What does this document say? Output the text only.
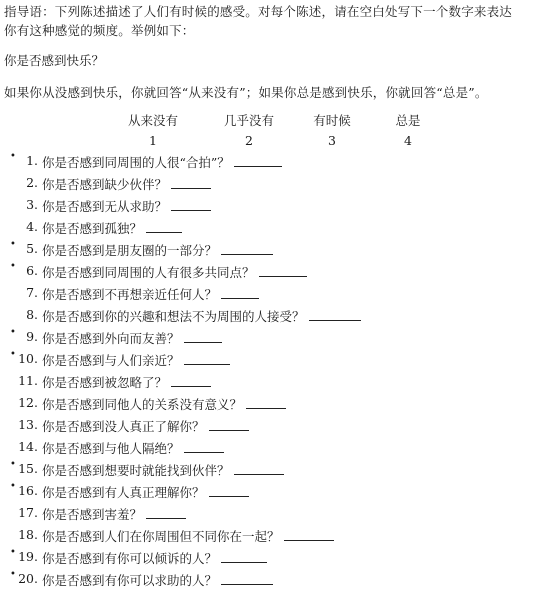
指导语：下列陈述描述了人们有时候的感受。对每个陈述，请在空白处写下一个数字来表达
你有这种感觉的频度。举例如下：
你是否感到快乐？
如果你从没感到快乐，你就回答“从来没有”；如果你总是感到快乐，你就回答“总是”。
从来没有	几乎没有	有时候	总是
1	2	3	4
• 1. 你是否感到同周围的人很“合拍”？
2. 你是否感到缺少伙伴？
3. 你是否感到无从求助？
4. 你是否感到孤独？
• 5. 你是否感到是朋友圈的一部分？
• 6. 你是否感到同周围的人有很多共同点？
7. 你是否感到不再想亲近任何人？
8. 你是否感到你的兴趣和想法不为周围的人接受？
• 9. 你是否感到外向而友善？
• 10. 你是否感到与人们亲近？
11. 你是否感到被忽略了？
12. 你是否感到同他人的关系没有意义？
13. 你是否感到没人真正了解你？
14. 你是否感到与他人隔绝？
• 15. 你是否感到想要时就能找到伙伴？
• 16. 你是否感到有人真正理解你？
17. 你是否感到害羞？
18. 你是否感到人们在你周围但不同你在一起？
• 19. 你是否感到有你可以倾诉的人？
• 20. 你是否感到有你可以求助的人？
